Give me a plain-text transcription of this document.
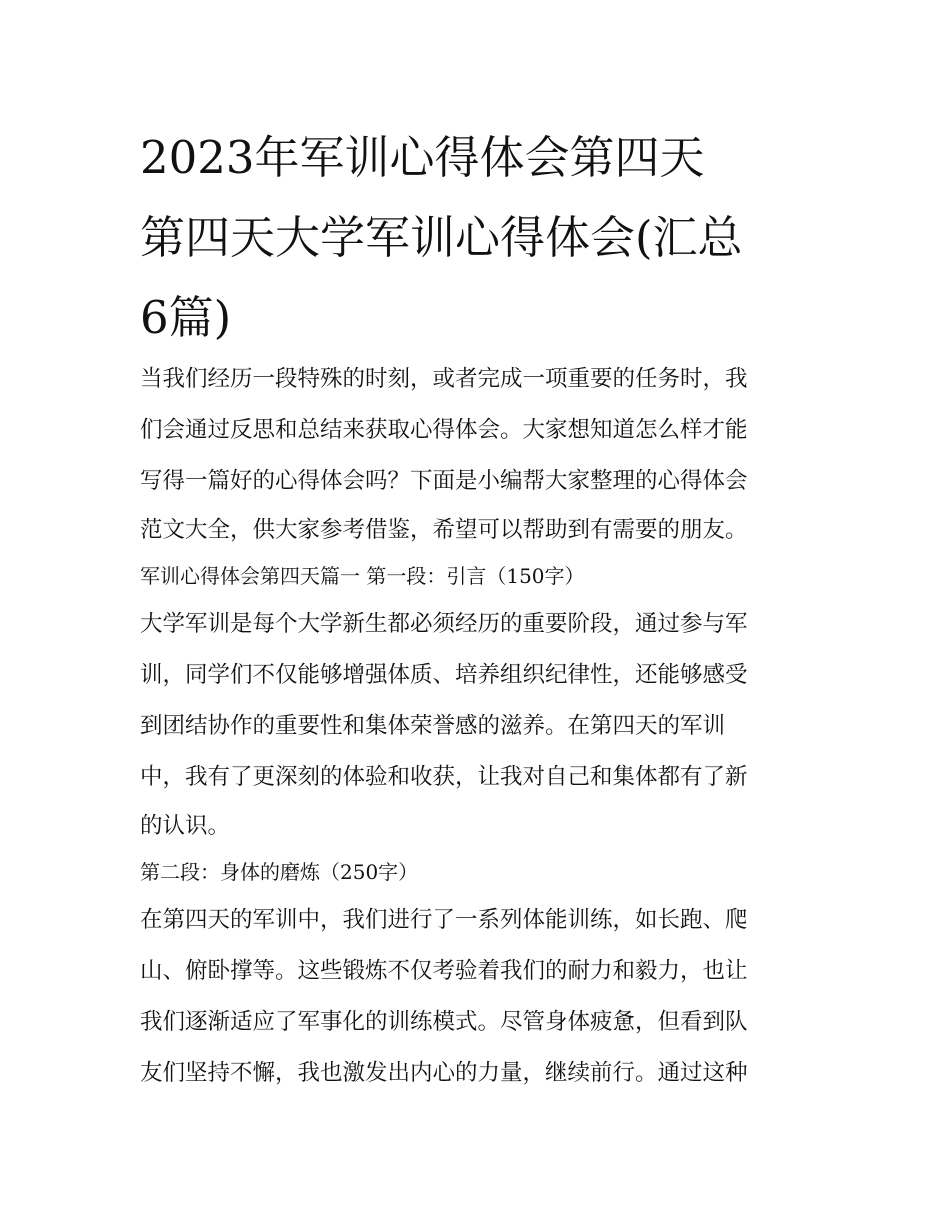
2023年军训心得体会第四天
第四天大学军训心得体会(汇总
6篇)
当我们经历一段特殊的时刻，或者完成一项重要的任务时，我
们会通过反思和总结来获取心得体会。大家想知道怎么样才能
写得一篇好的心得体会吗？下面是小编帮大家整理的心得体会
范文大全，供大家参考借鉴，希望可以帮助到有需要的朋友。
军训心得体会第四天篇一 第一段：引言（150字）
大学军训是每个大学新生都必须经历的重要阶段，通过参与军
训，同学们不仅能够增强体质、培养组织纪律性，还能够感受
到团结协作的重要性和集体荣誉感的滋养。在第四天的军训
中，我有了更深刻的体验和收获，让我对自己和集体都有了新
的认识。
第二段：身体的磨炼（250字）
在第四天的军训中，我们进行了一系列体能训练，如长跑、爬
山、俯卧撑等。这些锻炼不仅考验着我们的耐力和毅力，也让
我们逐渐适应了军事化的训练模式。尽管身体疲惫，但看到队
友们坚持不懈，我也激发出内心的力量，继续前行。通过这种
